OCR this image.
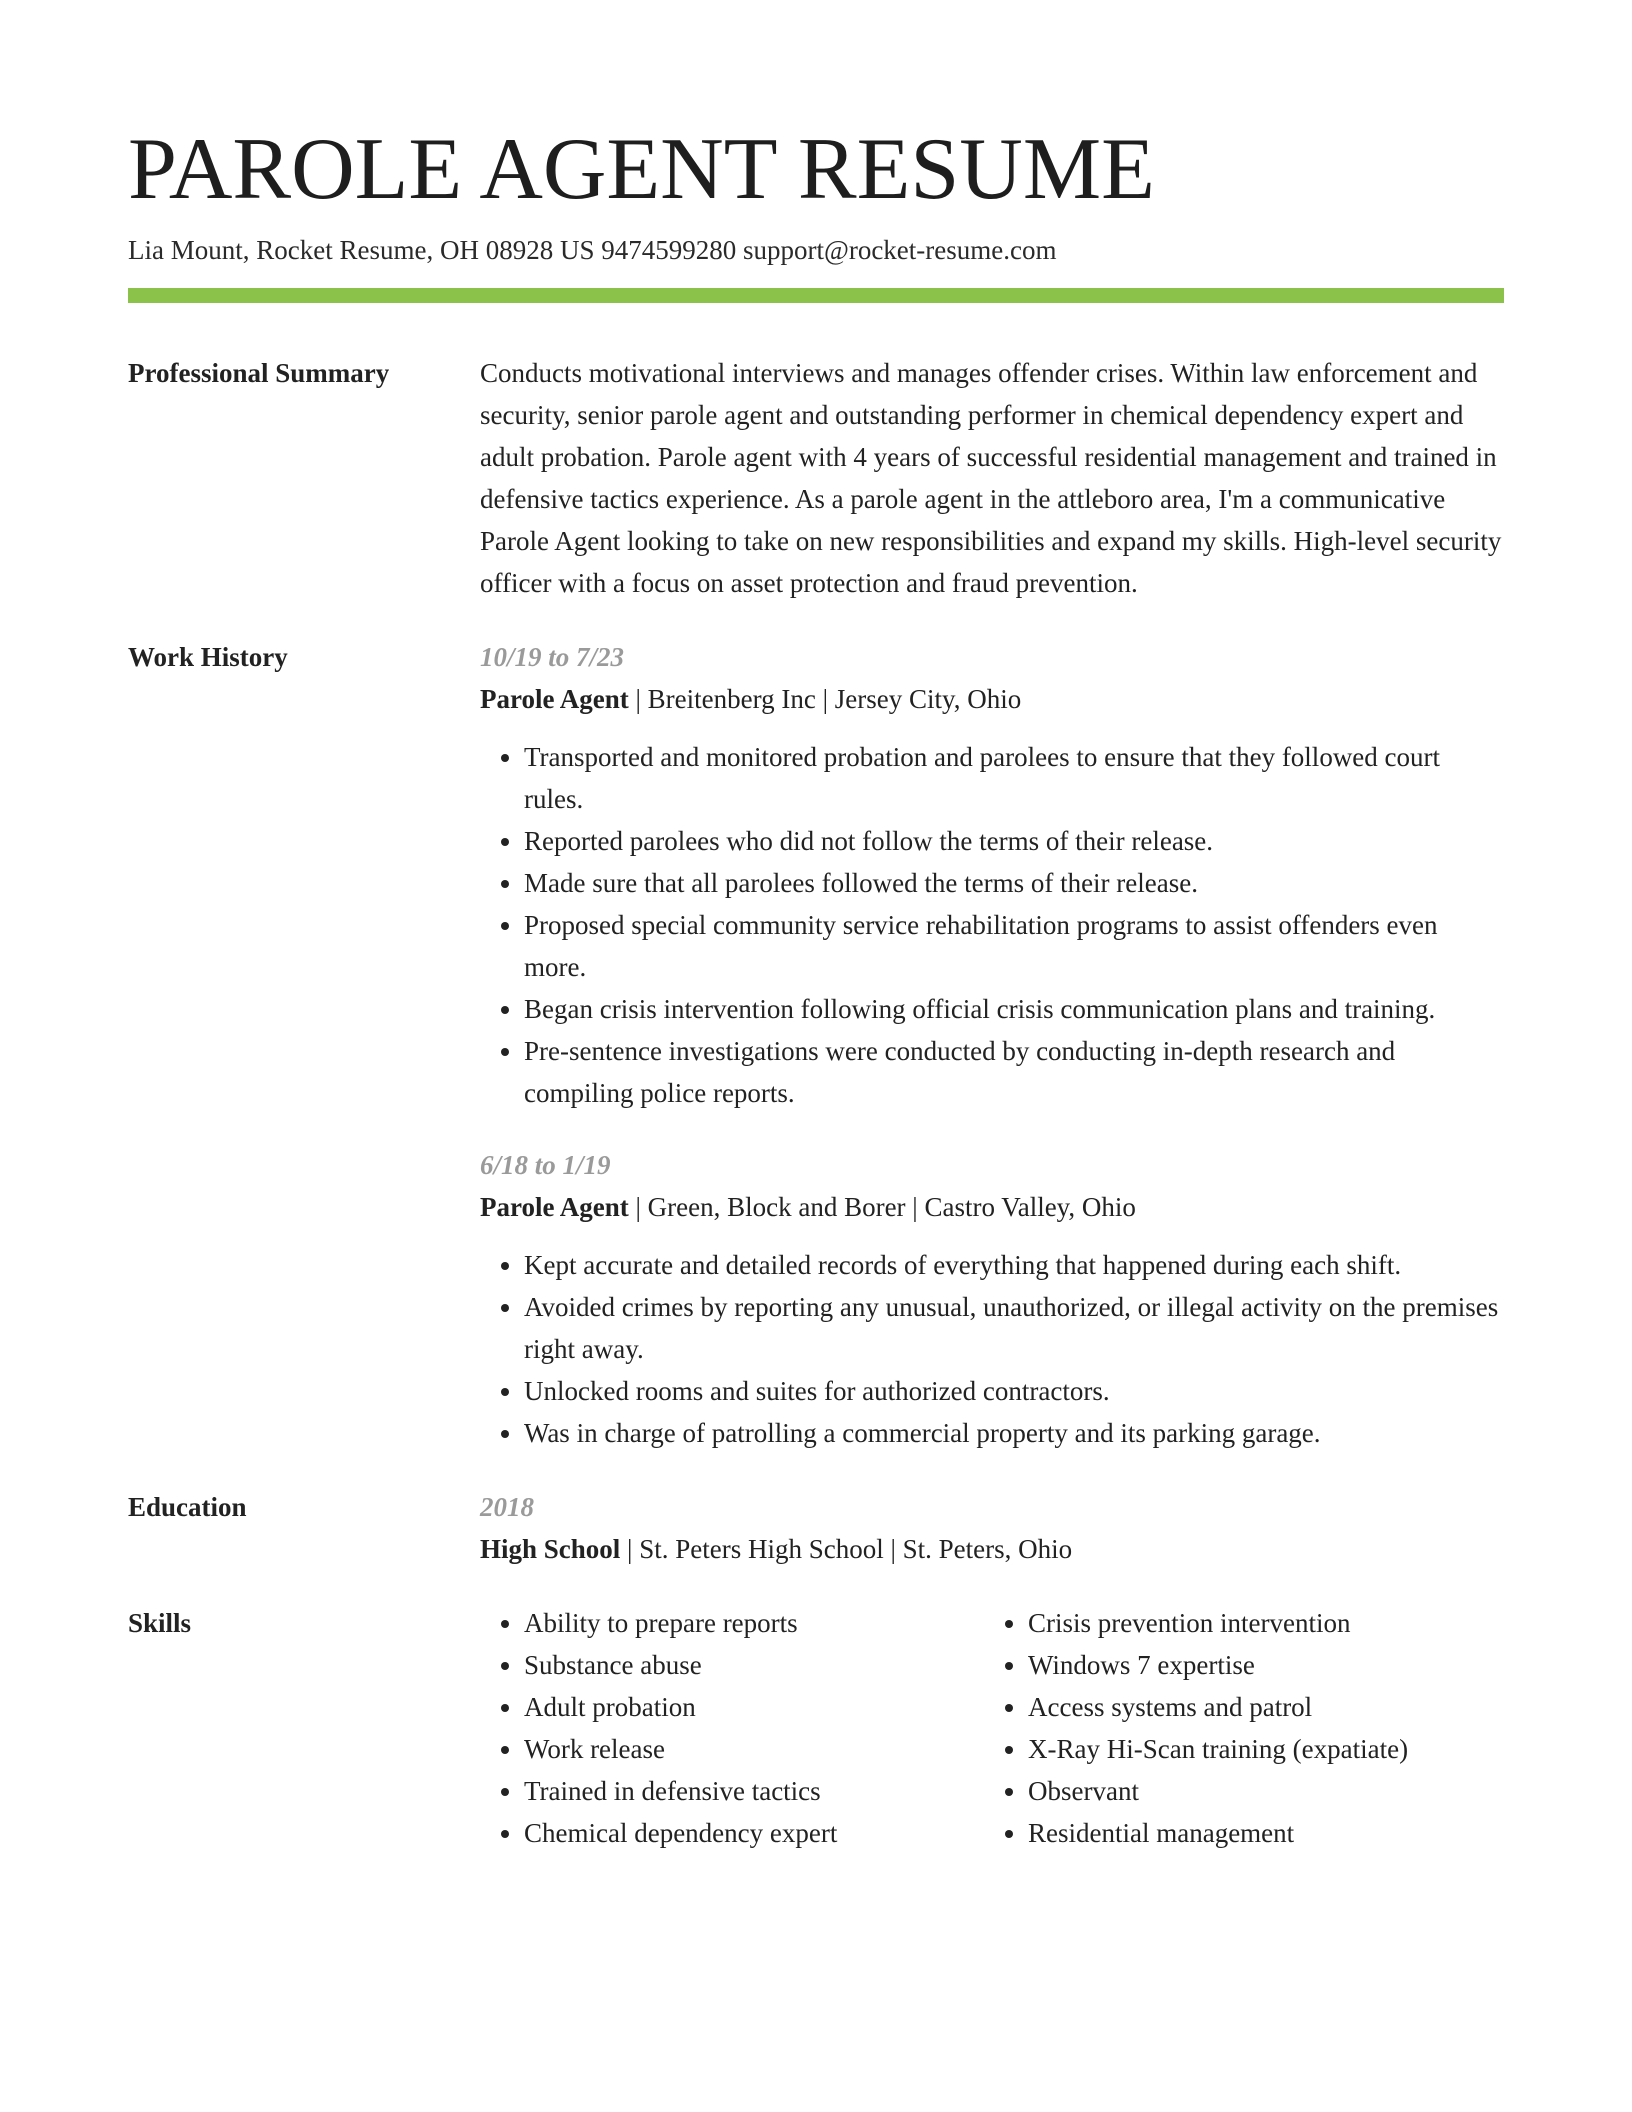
PAROLE AGENT RESUME
Lia Mount, Rocket Resume, OH 08928 US 9474599280 support@rocket-resume.com
Professional Summary	Conducts motivational interviews and manages offender crises. Within law enforcement and security, senior parole agent and outstanding performer in chemical dependency expert and adult probation. Parole agent with 4 years of successful residential management and trained in defensive tactics experience. As a parole agent in the attleboro area, I'm a communicative Parole Agent looking to take on new responsibilities and expand my skills. High-level security officer with a focus on asset protection and fraud prevention.
Work History	10/19 to 7/23
Parole Agent | Breitenberg Inc | Jersey City, Ohio
• Transported and monitored probation and parolees to ensure that they followed court rules.
• Reported parolees who did not follow the terms of their release.
• Made sure that all parolees followed the terms of their release.
• Proposed special community service rehabilitation programs to assist offenders even more.
• Began crisis intervention following official crisis communication plans and training.
• Pre-sentence investigations were conducted by conducting in-depth research and compiling police reports.
6/18 to 1/19
Parole Agent | Green, Block and Borer | Castro Valley, Ohio
• Kept accurate and detailed records of everything that happened during each shift.
• Avoided crimes by reporting any unusual, unauthorized, or illegal activity on the premises right away.
• Unlocked rooms and suites for authorized contractors.
• Was in charge of patrolling a commercial property and its parking garage.
Education	2018
High School | St. Peters High School | St. Peters, Ohio
Skills
•	Ability to prepare reports
• Substance abuse
• Adult probation
• Work release
• Trained in defensive tactics
• Chemical dependency expert
• Crisis prevention intervention
• Windows 7 expertise
• Access systems and patrol
• X-Ray Hi-Scan training (expatiate)
• Observant
• Residential management
